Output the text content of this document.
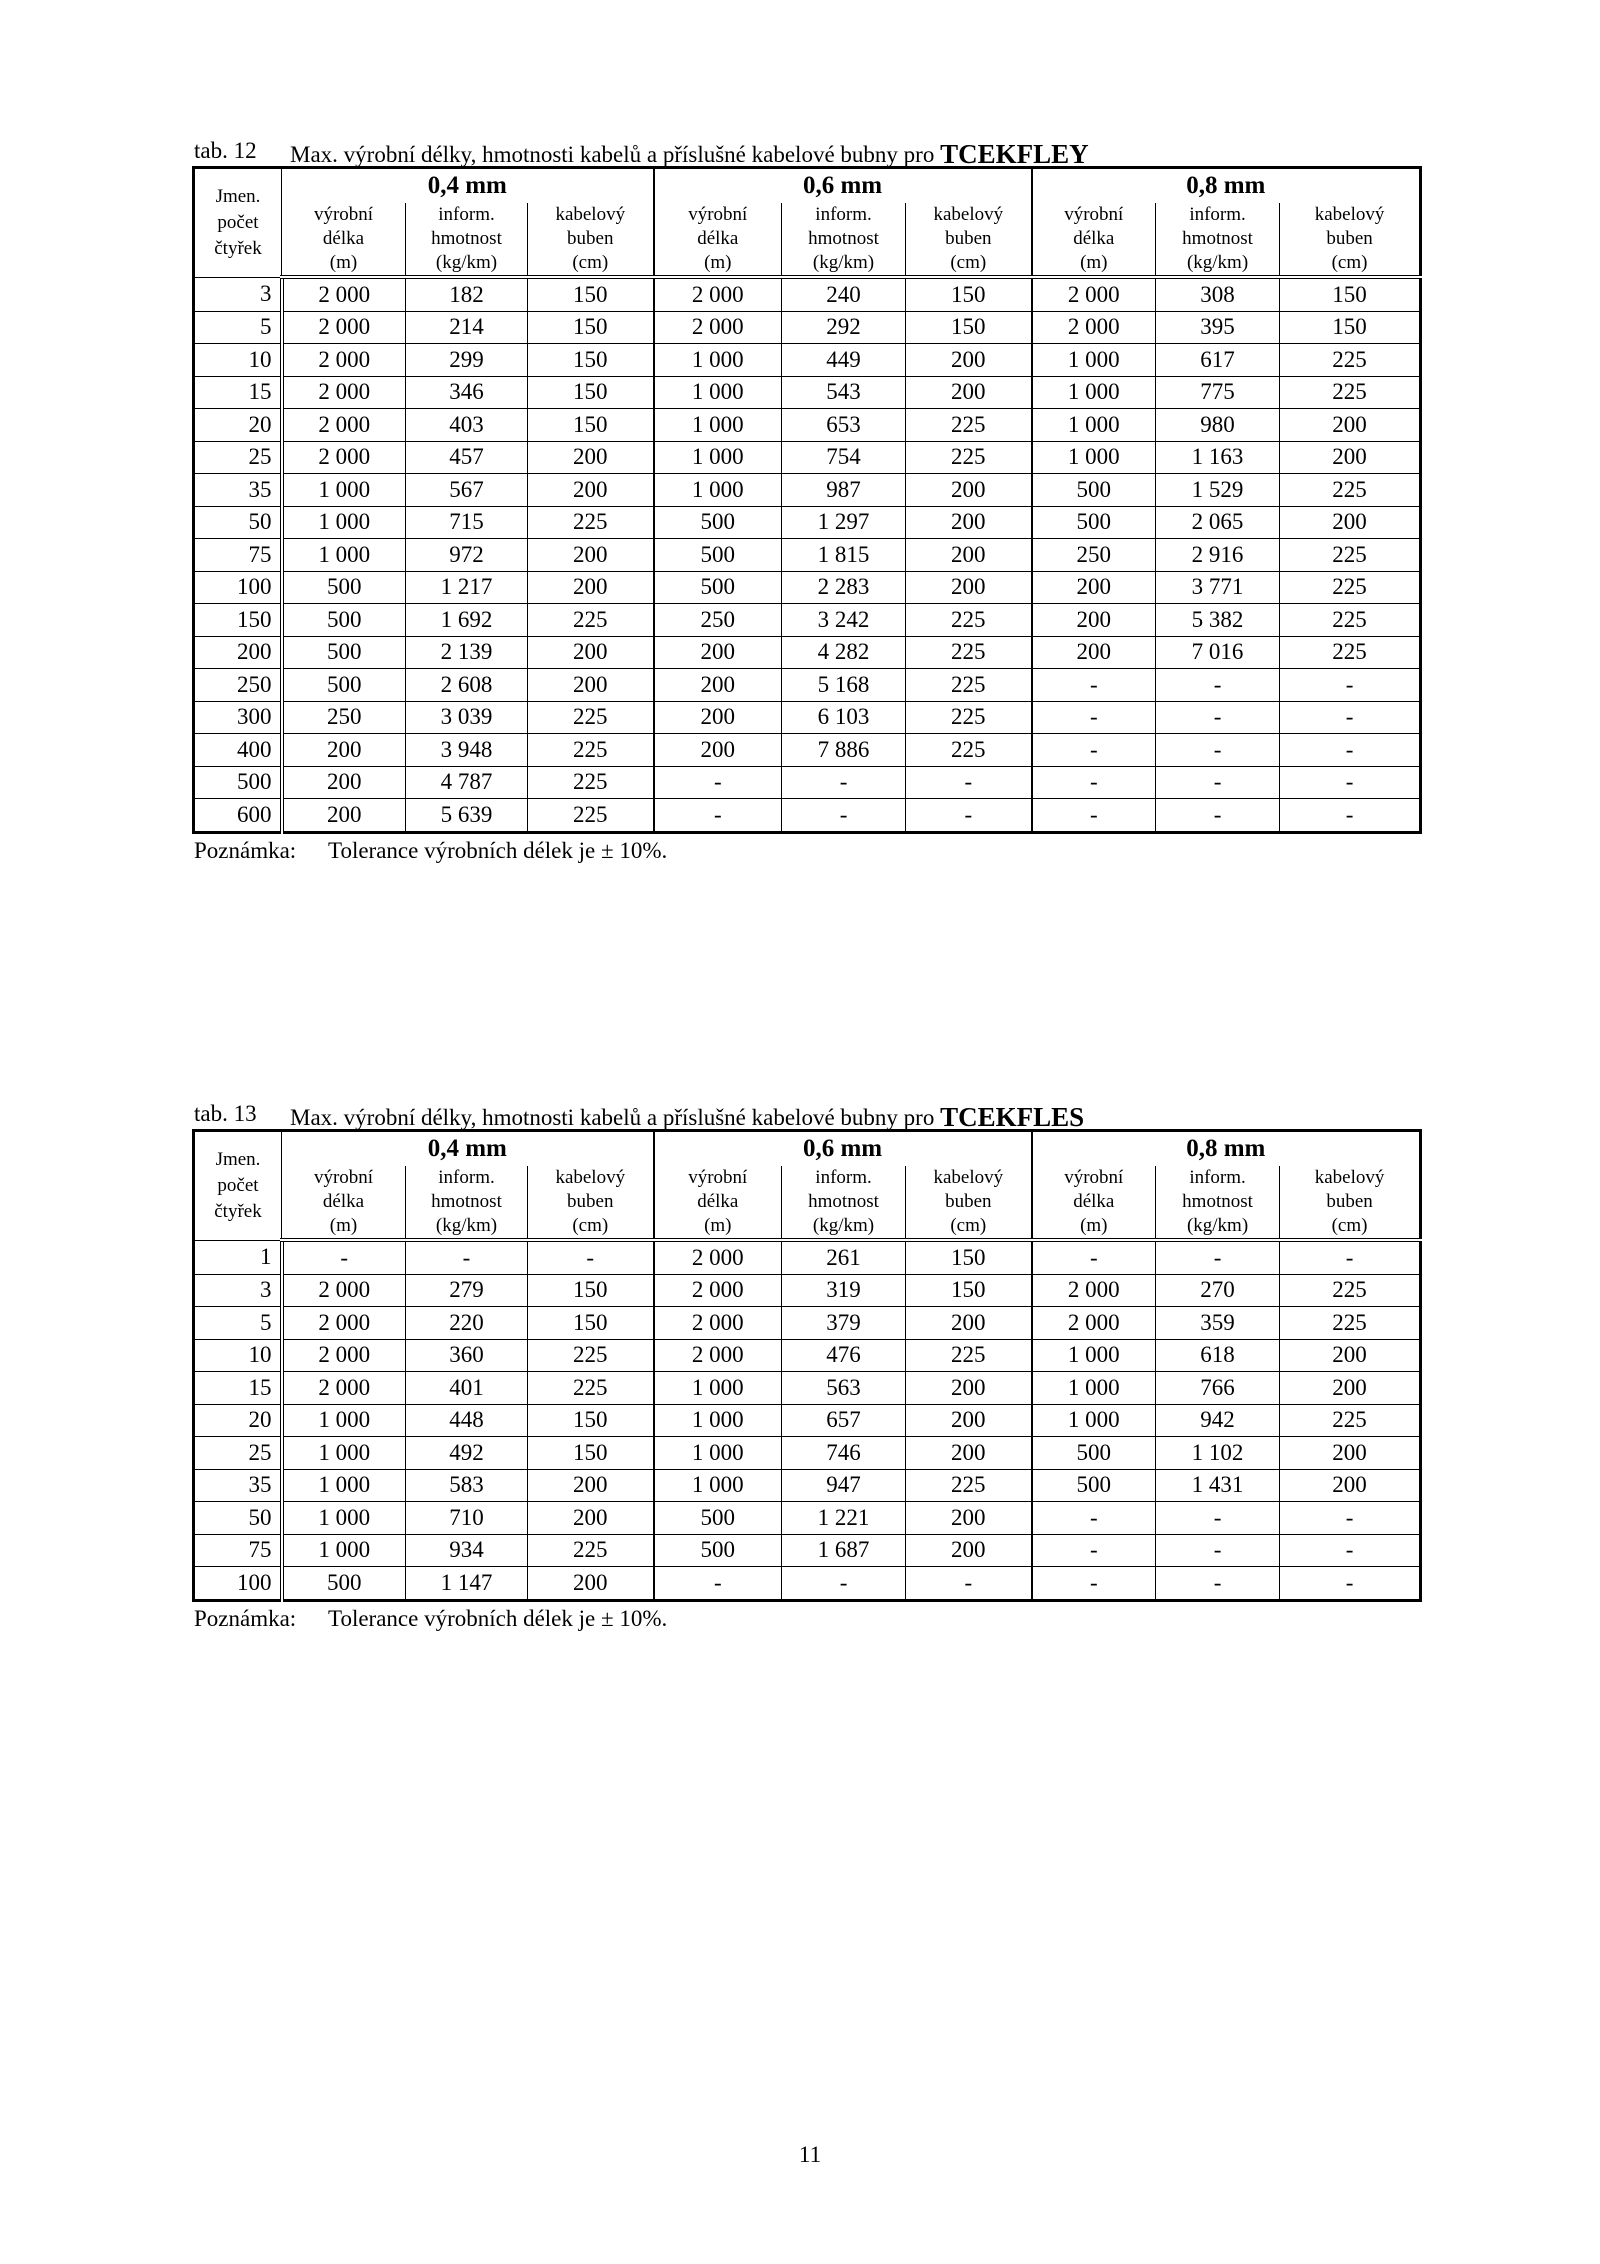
tab. 12 Max. výrobní délky, hmotnosti kabelů a příslušné kabelové bubny pro TCEKFLEY
Jmen.
počet
čtyřek	0,4 mm			0,6 mm			0,8 mm		
	výrobní
délka
(m)	inform.
hmotnost
(kg/km)	kabelový
buben
(cm)	výrobní
délka
(m)	inform.
hmotnost
(kg/km)	kabelový
buben
(cm)	výrobní
délka
(m)	inform.
hmotnost
(kg/km)	kabelový
buben
(cm)
3	2 000	182	150	2 000	240	150	2 000	308	150
5	2 000	214	150	2 000	292	150	2 000	395	150
10	2 000	299	150	1 000	449	200	1 000	617	225
15	2 000	346	150	1 000	543	200	1 000	775	225
20	2 000	403	150	1 000	653	225	1 000	980	200
25	2 000	457	200	1 000	754	225	1 000	1 163	200
35	1 000	567	200	1 000	987	200	500	1 529	225
50	1 000	715	225	500	1 297	200	500	2 065	200
75	1 000	972	200	500	1 815	200	250	2 916	225
100	500	1 217	200	500	2 283	200	200	3 771	225
150	500	1 692	225	250	3 242	225	200	5 382	225
200	500	2 139	200	200	4 282	225	200	7 016	225
250	500	2 608	200	200	5 168	225	-	-	-
300	250	3 039	225	200	6 103	225	-	-	-
400	200	3 948	225	200	7 886	225	-	-	-
500	200	4 787	225	-	-	-	-	-	-
600	200	5 639	225	-	-	-	-	-	-
Poznámka: Tolerance výrobních délek je ± 10%.
tab. 13 Max. výrobní délky, hmotnosti kabelů a příslušné kabelové bubny pro TCEKFLES
Jmen.
počet
čtyřek	0,4 mm			0,6 mm			0,8 mm		
	výrobní
délka
(m)	inform.
hmotnost
(kg/km)	kabelový
buben
(cm)	výrobní
délka
(m)	inform.
hmotnost
(kg/km)	kabelový
buben
(cm)	výrobní
délka
(m)	inform.
hmotnost
(kg/km)	kabelový
buben
(cm)
1	-	-	-	2 000	261	150	-	-	-
3	2 000	279	150	2 000	319	150	2 000	270	225
5	2 000	220	150	2 000	379	200	2 000	359	225
10	2 000	360	225	2 000	476	225	1 000	618	200
15	2 000	401	225	1 000	563	200	1 000	766	200
20	1 000	448	150	1 000	657	200	1 000	942	225
25	1 000	492	150	1 000	746	200	500	1 102	200
35	1 000	583	200	1 000	947	225	500	1 431	200
50	1 000	710	200	500	1 221	200	-	-	-
75	1 000	934	225	500	1 687	200	-	-	-
100	500	1 147	200	-	-	-	-	-	-
Poznámka: Tolerance výrobních délek je ± 10%.
11
